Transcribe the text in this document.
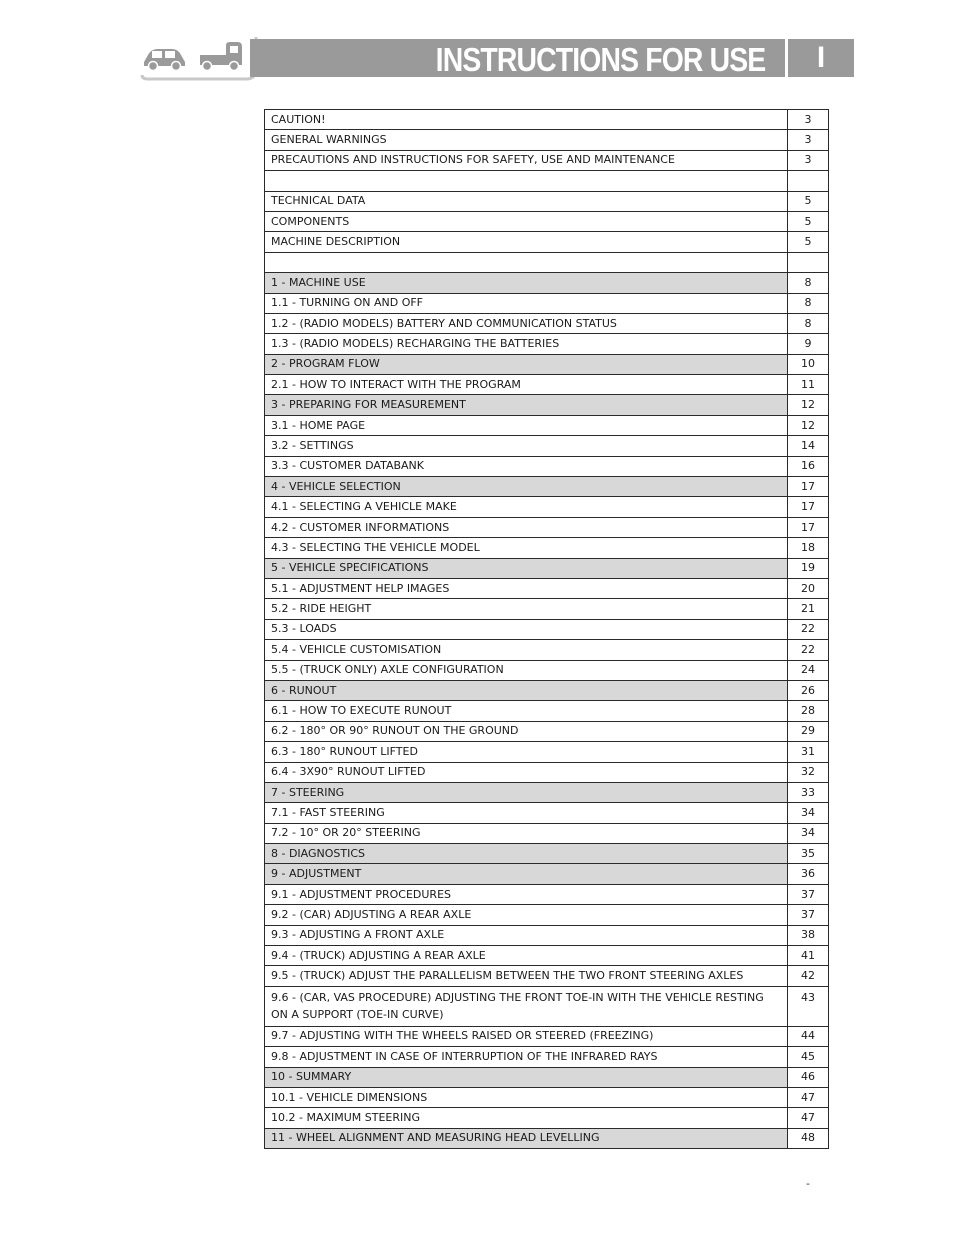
INSTRUCTIONS FOR USE	I
CAUTION!	3
GENERAL WARNINGS	3
PRECAUTIONS AND INSTRUCTIONS FOR SAFETY, USE AND MAINTENANCE	3

TECHNICAL DATA	5
COMPONENTS	5
MACHINE DESCRIPTION	5

1 - MACHINE USE	8
1.1 - TURNING ON AND OFF	8
1.2 - (RADIO MODELS) BATTERY AND COMMUNICATION STATUS	8
1.3 - (RADIO MODELS) RECHARGING THE BATTERIES	9
2 - PROGRAM FLOW	10
2.1 - HOW TO INTERACT WITH THE PROGRAM	11
3 - PREPARING FOR MEASUREMENT	12
3.1 - HOME PAGE	12
3.2 - SETTINGS	14
3.3 - CUSTOMER DATABANK	16
4 - VEHICLE SELECTION	17
4.1 - SELECTING A VEHICLE MAKE	17
4.2 - CUSTOMER INFORMATIONS	17
4.3 - SELECTING THE VEHICLE MODEL	18
5 - VEHICLE SPECIFICATIONS	19
5.1 - ADJUSTMENT HELP IMAGES	20
5.2 - RIDE HEIGHT	21
5.3 - LOADS	22
5.4 - VEHICLE CUSTOMISATION	22
5.5 - (TRUCK ONLY) AXLE CONFIGURATION	24
6 - RUNOUT	26
6.1 - HOW TO EXECUTE RUNOUT	28
6.2 - 180° OR 90° RUNOUT ON THE GROUND	29
6.3 - 180° RUNOUT LIFTED	31
6.4 - 3X90° RUNOUT LIFTED	32
7 - STEERING	33
7.1 - FAST STEERING	34
7.2 - 10° OR 20° STEERING	34
8 - DIAGNOSTICS	35
9 - ADJUSTMENT	36
9.1 - ADJUSTMENT PROCEDURES	37
9.2 - (CAR) ADJUSTING A REAR AXLE	37
9.3 - ADJUSTING A FRONT AXLE	38
9.4 - (TRUCK) ADJUSTING A REAR AXLE	41
9.5 - (TRUCK) ADJUST THE PARALLELISM BETWEEN THE TWO FRONT STEERING AXLES	42
9.6 - (CAR, VAS PROCEDURE) ADJUSTING THE FRONT TOE-IN WITH THE VEHICLE RESTING ON A SUPPORT (TOE-IN CURVE)	43
9.7 - ADJUSTING WITH THE WHEELS RAISED OR STEERED (FREEZING)	44
9.8 - ADJUSTMENT IN CASE OF INTERRUPTION OF THE INFRARED RAYS	45
10 - SUMMARY	46
10.1 - VEHICLE DIMENSIONS	47
10.2 - MAXIMUM STEERING	47
11 - WHEEL ALIGNMENT AND MEASURING HEAD LEVELLING	48
-
